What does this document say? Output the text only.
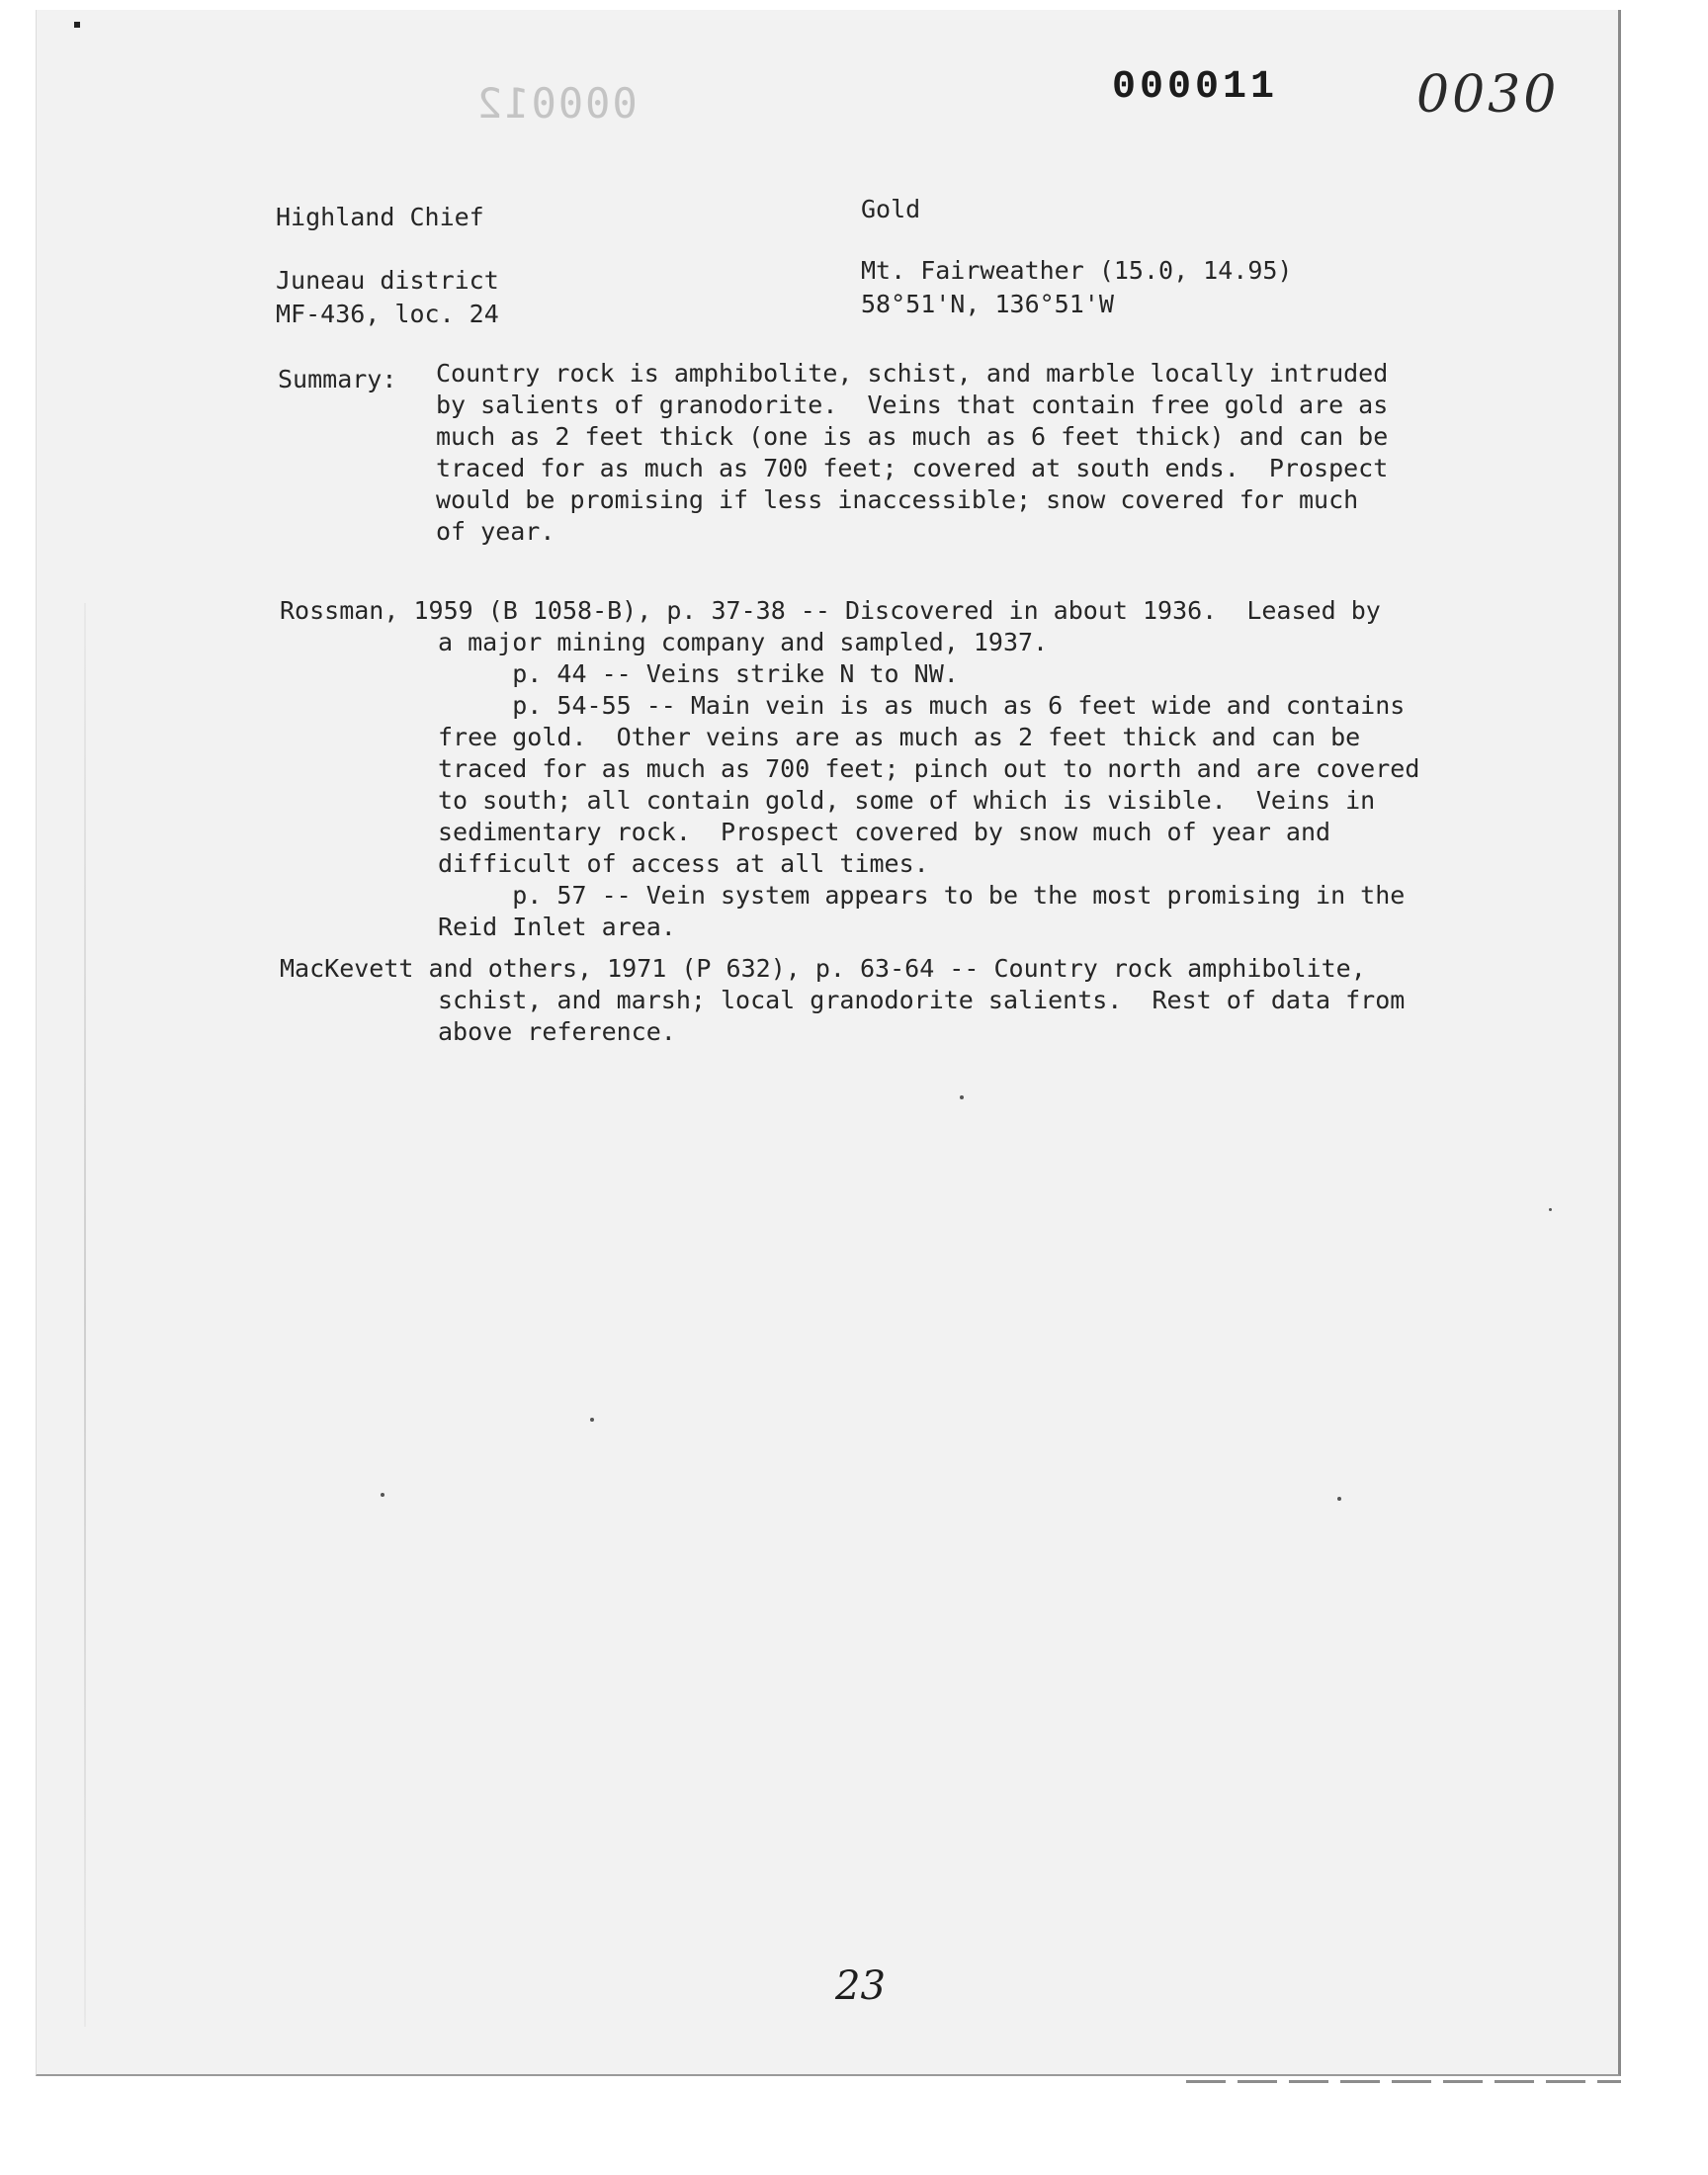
000012	000011	0030
Highland Chief	Gold
Juneau district	Mt. Fairweather (15.0, 14.95)
MF-436, loc. 24	58°51'N, 136°51'W
Summary: Country rock is amphibolite, schist, and marble locally intruded
by salients of granodorite.  Veins that contain free gold are as
much as 2 feet thick (one is as much as 6 feet thick) and can be
traced for as much as 700 feet; covered at south ends.  Prospect
would be promising if less inaccessible; snow covered for much
of year.
Rossman, 1959 (B 1058-B), p. 37-38 -- Discovered in about 1936.  Leased by
a major mining company and sampled, 1937.
p. 44 -- Veins strike N to NW.
p. 54-55 -- Main vein is as much as 6 feet wide and contains
free gold.  Other veins are as much as 2 feet thick and can be
traced for as much as 700 feet; pinch out to north and are covered
to south; all contain gold, some of which is visible.  Veins in
sedimentary rock.  Prospect covered by snow much of year and
difficult of access at all times.
p. 57 -- Vein system appears to be the most promising in the
Reid Inlet area.
MacKevett and others, 1971 (P 632), p. 63-64 -- Country rock amphibolite,
schist, and marsh; local granodorite salients.  Rest of data from
above reference.
23
